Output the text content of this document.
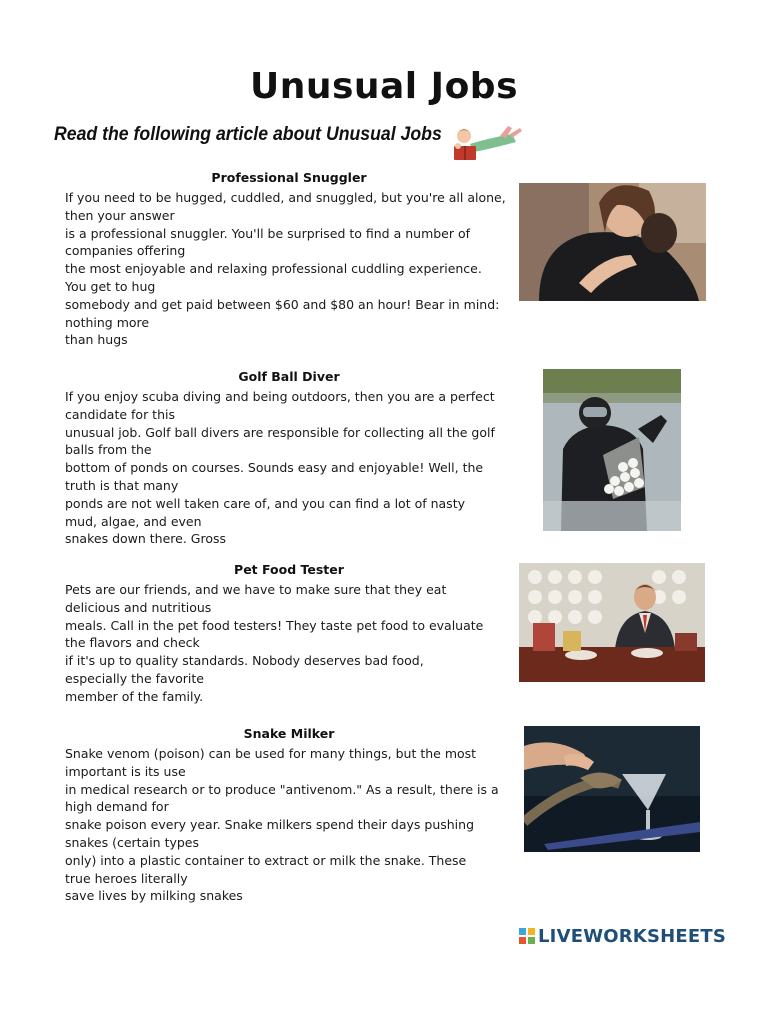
Unusual Jobs
Read the following article about Unusual Jobs
Professional Snuggler

If you need to be hugged, cuddled, and snuggled, but you're all alone,
then your answer
is a professional snuggler. You'll be surprised to find a number of
companies offering
the most enjoyable and relaxing professional cuddling experience.
You get to hug
somebody and get paid between $60 and $80 an hour! Bear in mind:
nothing more
than hugs

Golf Ball Diver

If you enjoy scuba diving and being outdoors, then you are a perfect
candidate for this
unusual job. Golf ball divers are responsible for collecting all the golf
balls from the
bottom of ponds on courses. Sounds easy and enjoyable! Well, the
truth is that many
ponds are not well taken care of, and you can find a lot of nasty
mud, algae, and even
snakes down there. Gross

Pet Food Tester

Pets are our friends, and we have to make sure that they eat
delicious and nutritious
meals. Call in the pet food testers! They taste pet food to evaluate
the flavors and check
if it's up to quality standards. Nobody deserves bad food,
especially the favorite
member of the family.

Snake Milker

Snake venom (poison) can be used for many things, but the most
important is its use
in medical research or to produce "antivenom." As a result, there is a
high demand for
snake poison every year. Snake milkers spend their days pushing
snakes (certain types
only) into a plastic container to extract or milk the snake. These
true heroes literally
save lives by milking snakes

LIVEWORKSHEETS
